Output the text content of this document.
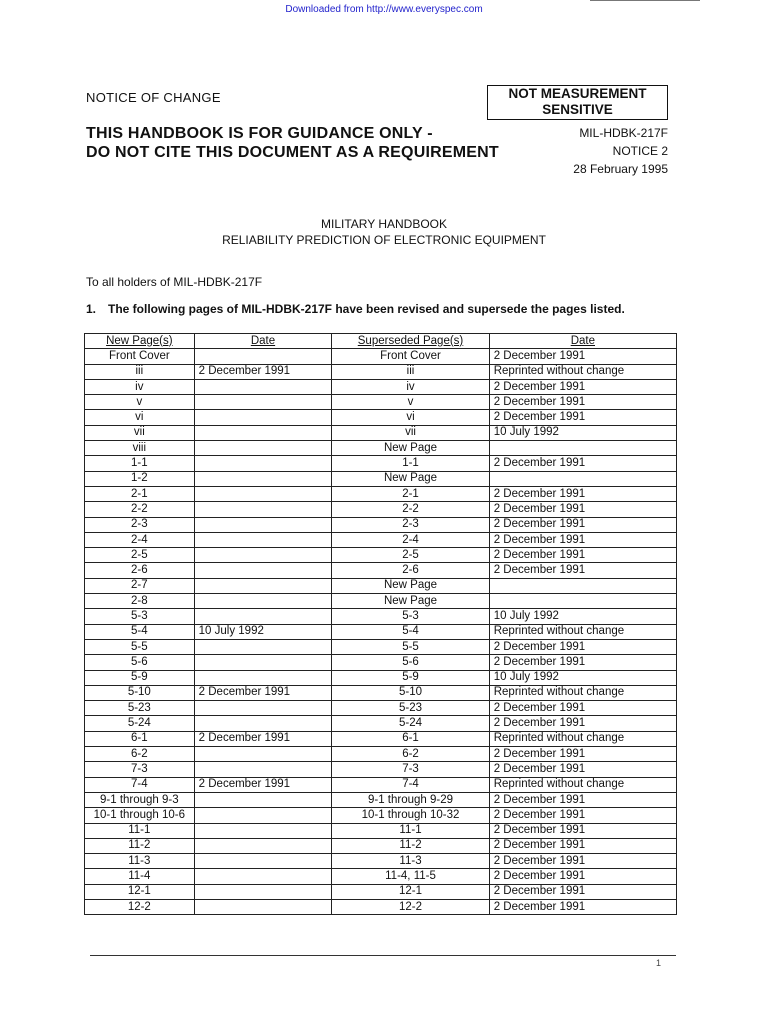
Downloaded from http://www.everyspec.com
NOTICE OF CHANGE	NOT MEASUREMENT
SENSITIVE
THIS HANDBOOK IS FOR GUIDANCE ONLY -
DO NOT CITE THIS DOCUMENT AS A REQUIREMENT
MIL-HDBK-217F
NOTICE 2
28 February 1995
MILITARY HANDBOOK
RELIABILITY PREDICTION OF ELECTRONIC EQUIPMENT
To all holders of MIL-HDBK-217F
1. The following pages of MIL-HDBK-217F have been revised and supersede the pages listed.
New Page(s)	Date	Superseded Page(s)	Date
Front Cover		Front Cover	2 December 1991
iii	2 December 1991	iii	Reprinted without change
iv		iv	2 December 1991
v		v	2 December 1991
vi		vi	2 December 1991
vii		vii	10 July 1992
viii		New Page	
1-1		1-1	2 December 1991
1-2		New Page	
2-1		2-1	2 December 1991
2-2		2-2	2 December 1991
2-3		2-3	2 December 1991
2-4		2-4	2 December 1991
2-5		2-5	2 December 1991
2-6		2-6	2 December 1991
2-7		New Page	
2-8		New Page	
5-3		5-3	10 July 1992
5-4	10 July 1992	5-4	Reprinted without change
5-5		5-5	2 December 1991
5-6		5-6	2 December 1991
5-9		5-9	10 July 1992
5-10	2 December 1991	5-10	Reprinted without change
5-23		5-23	2 December 1991
5-24		5-24	2 December 1991
6-1	2 December 1991	6-1	Reprinted without change
6-2		6-2	2 December 1991
7-3		7-3	2 December 1991
7-4	2 December 1991	7-4	Reprinted without change
9-1 through 9-3		9-1 through 9-29	2 December 1991
10-1 through 10-6		10-1 through 10-32	2 December 1991
11-1		11-1	2 December 1991
11-2		11-2	2 December 1991
11-3		11-3	2 December 1991
11-4		11-4, 11-5	2 December 1991
12-1		12-1	2 December 1991
12-2		12-2	2 December 1991
1
